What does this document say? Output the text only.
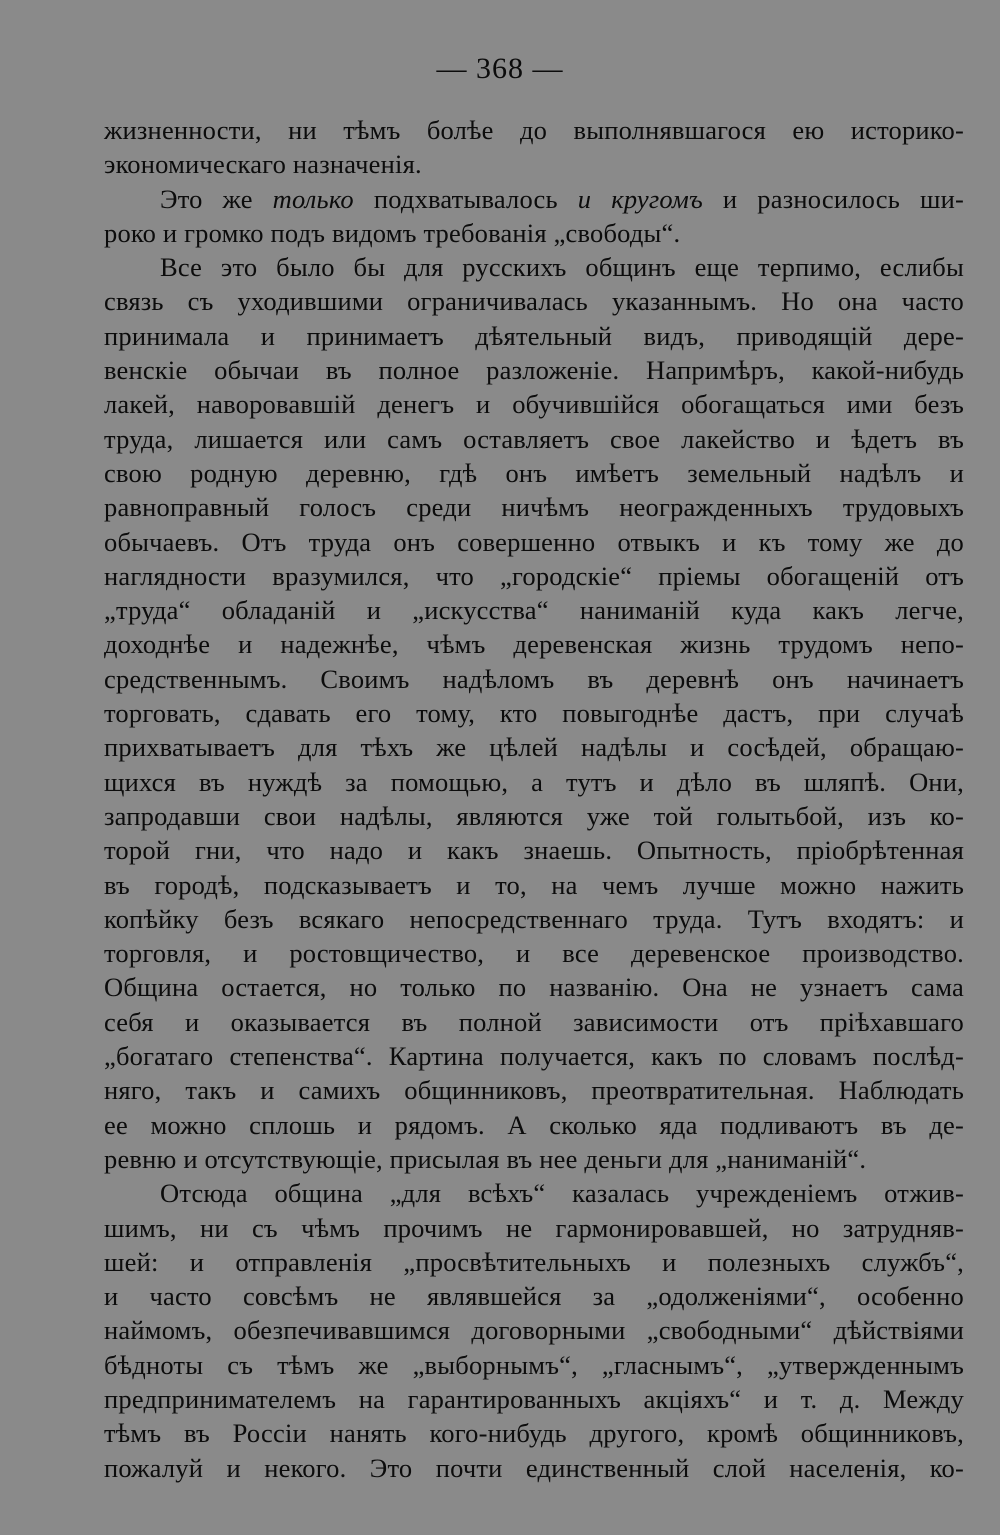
— 368 —
жизненности, ни тѣмъ болѣе до выполнявшагося ею историко-
экономическаго назначенія.
Это же только подхватывалось и кругомъ и разносилось ши-
роко и громко подъ видомъ требованія „свободы“.
Все это было бы для русскихъ общинъ еще терпимо, еслибы
связь съ уходившими ограничивалась указаннымъ. Но она часто
принимала и принимаетъ дѣятельный видъ, приводящій дере-
венскіе обычаи въ полное разложеніе. Напримѣръ, какой-нибудь
лакей, наворовавшій денегъ и обучившійся обогащаться ими безъ
труда, лишается или самъ оставляетъ свое лакейство и ѣдетъ въ
свою родную деревню, гдѣ онъ имѣетъ земельный надѣлъ и
равноправный голосъ среди ничѣмъ неогражденныхъ трудовыхъ
обычаевъ. Отъ труда онъ совершенно отвыкъ и къ тому же до
наглядности вразумился, что „городскіе“ пріемы обогащеній отъ
„труда“ обладаній и „искусства“ наниманій куда какъ легче,
доходнѣе и надежнѣе, чѣмъ деревенская жизнь трудомъ непо-
средственнымъ. Своимъ надѣломъ въ деревнѣ онъ начинаетъ
торговать, сдавать его тому, кто повыгоднѣе дастъ, при случаѣ
прихватываетъ для тѣхъ же цѣлей надѣлы и сосѣдей, обращаю-
щихся въ нуждѣ за помощью, а тутъ и дѣло въ шляпѣ. Они,
запродавши свои надѣлы, являются уже той голытьбой, изъ ко-
торой гни, что надо и какъ знаешь. Опытность, пріобрѣтенная
въ городѣ, подсказываетъ и то, на чемъ лучше можно нажить
копѣйку безъ всякаго непосредственнаго труда. Тутъ входятъ: и
торговля, и ростовщичество, и все деревенское производство.
Община остается, но только по названію. Она не узнаетъ сама
себя и оказывается въ полной зависимости отъ пріѣхавшаго
„богатаго степенства“. Картина получается, какъ по словамъ послѣд-
няго, такъ и самихъ общинниковъ, преотвратительная. Наблюдать
ее можно сплошь и рядомъ. А сколько яда подливаютъ въ де-
ревню и отсутствующіе, присылая въ нее деньги для „наниманій“.
Отсюда община „для всѣхъ“ казалась учрежденіемъ отжив-
шимъ, ни съ чѣмъ прочимъ не гармонировавшей, но затрудняв-
шей: и отправленія „просвѣтительныхъ и полезныхъ службъ“,
и часто совсѣмъ не являвшейся за „одолженіями“, особенно
наймомъ, обезпечивавшимся договорными „свободными“ дѣйствіями
бѣдноты съ тѣмъ же „выборнымъ“, „гласнымъ“, „утвержденнымъ
предпринимателемъ на гарантированныхъ акціяхъ“ и т. д. Между
тѣмъ въ Россіи нанять кого-нибудь другого, кромѣ общинниковъ,
пожалуй и некого. Это почти единственный слой населенія, ко-
